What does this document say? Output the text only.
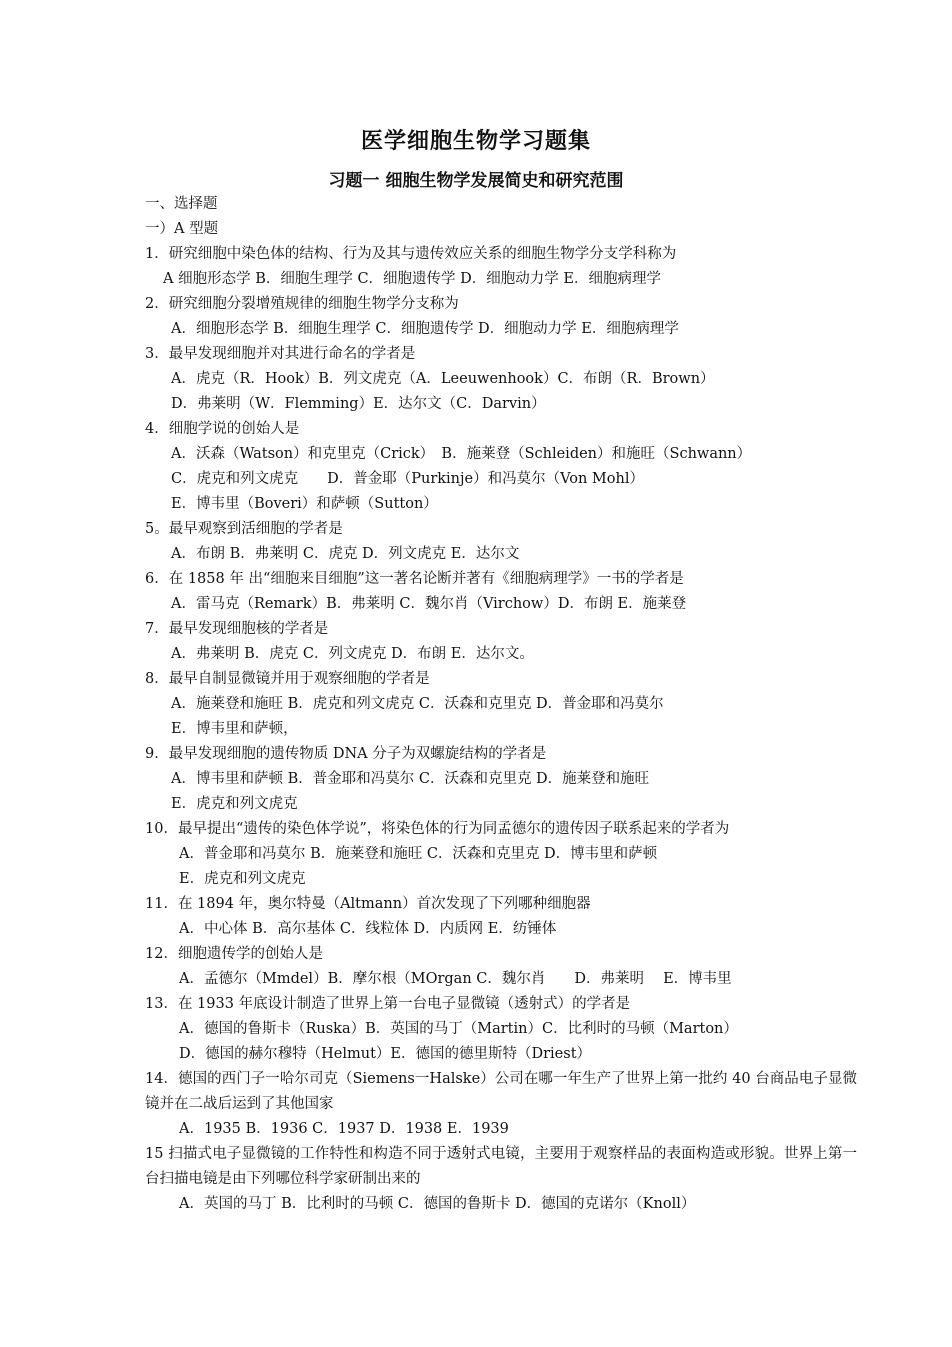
医学细胞生物学习题集
习题一 细胞生物学发展简史和研究范围
一、选择题
一）A 型题
1．研究细胞中染色体的结构、行为及其与遗传效应关系的细胞生物学分支学科称为
A 细胞形态学 B．细胞生理学 C．细胞遗传学 D．细胞动力学 E．细胞病理学
2．研究细胞分裂增殖规律的细胞生物学分支称为
A．细胞形态学 B．细胞生理学 C．细胞遗传学 D．细胞动力学 E．细胞病理学
3．最早发现细胞并对其进行命名的学者是
A．虎克（R．Hook）B．列文虎克（A．Leeuwenhook）C．布朗（R．Brown）
D．弗莱明（W．Flemming）E．达尔文（C．Darvin）
4．细胞学说的创始人是
A．沃森（Watson）和克里克（Crick）　B．施莱登（Schleiden）和施旺（Schwann）
C．虎克和列文虎克　　D．普金耶（Purkinje）和冯莫尔（Von Mohl）
E．博韦里（Boveri）和萨顿（Sutton）
5。最早观察到活细胞的学者是
A．布朗 B．弗莱明 C．虎克 D．列文虎克 E．达尔文
6．在 1858 年 出“细胞来目细胞”这一著名论断并著有《细胞病理学》一书的学者是
A．雷马克（Remark）B．弗莱明 C．魏尔肖（Virchow）D．布朗 E．施莱登
7．最早发现细胞核的学者是
A．弗莱明 B．虎克 C．列文虎克 D．布朗 E．达尔文。
8．最早自制显微镜并用于观察细胞的学者是
A．施莱登和施旺 B．虎克和列文虎克 C．沃森和克里克 D．普金耶和冯莫尔
E．博韦里和萨顿，
9．最早发现细胞的遗传物质 DNA 分子为双螺旋结构的学者是
A．博韦里和萨顿 B．普金耶和冯莫尔 C．沃森和克里克 D．施莱登和施旺
E．虎克和列文虎克
10．最早提出“遗传的染色体学说”，将染色体的行为同孟德尔的遗传因子联系起来的学者为
A．普金耶和冯莫尔 B．施莱登和施旺 C．沃森和克里克 D．博韦里和萨顿
E．虎克和列文虎克
11．在 1894 年，奥尔特曼（Altmann）首次发现了下列哪种细胞器
A．中心体 B．高尔基体 C．线粒体 D．内质网 E．纺锤体
12．细胞遗传学的创始人是
A．孟德尔（Mmdel）B．摩尔根（MOrgan C．魏尔肖　　D．弗莱明　 E．博韦里
13．在 1933 年底设计制造了世界上第一台电子显微镜（透射式）的学者是
A．德国的鲁斯卡（Ruska）B．英国的马丁（Martin）C．比利时的马顿（Marton）
D．德国的赫尔穆特（Helmut）E．德国的德里斯特（Driest）
14．德国的西门子一哈尔司克（Siemens一Halske）公司在哪一年生产了世界上第一批约 40 台商品电子显微镜并在二战后运到了其他国家
A．1935 B．1936 C．1937 D．1938 E．1939
15 扫描式电子显微镜的工作特性和构造不同于透射式电镜，主要用于观察样品的表面构造或形貌。世界上第一台扫描电镜是由下列哪位科学家研制出来的
A．英国的马丁 B．比利时的马顿 C．德国的鲁斯卡 D．德国的克诺尔（Knoll）
